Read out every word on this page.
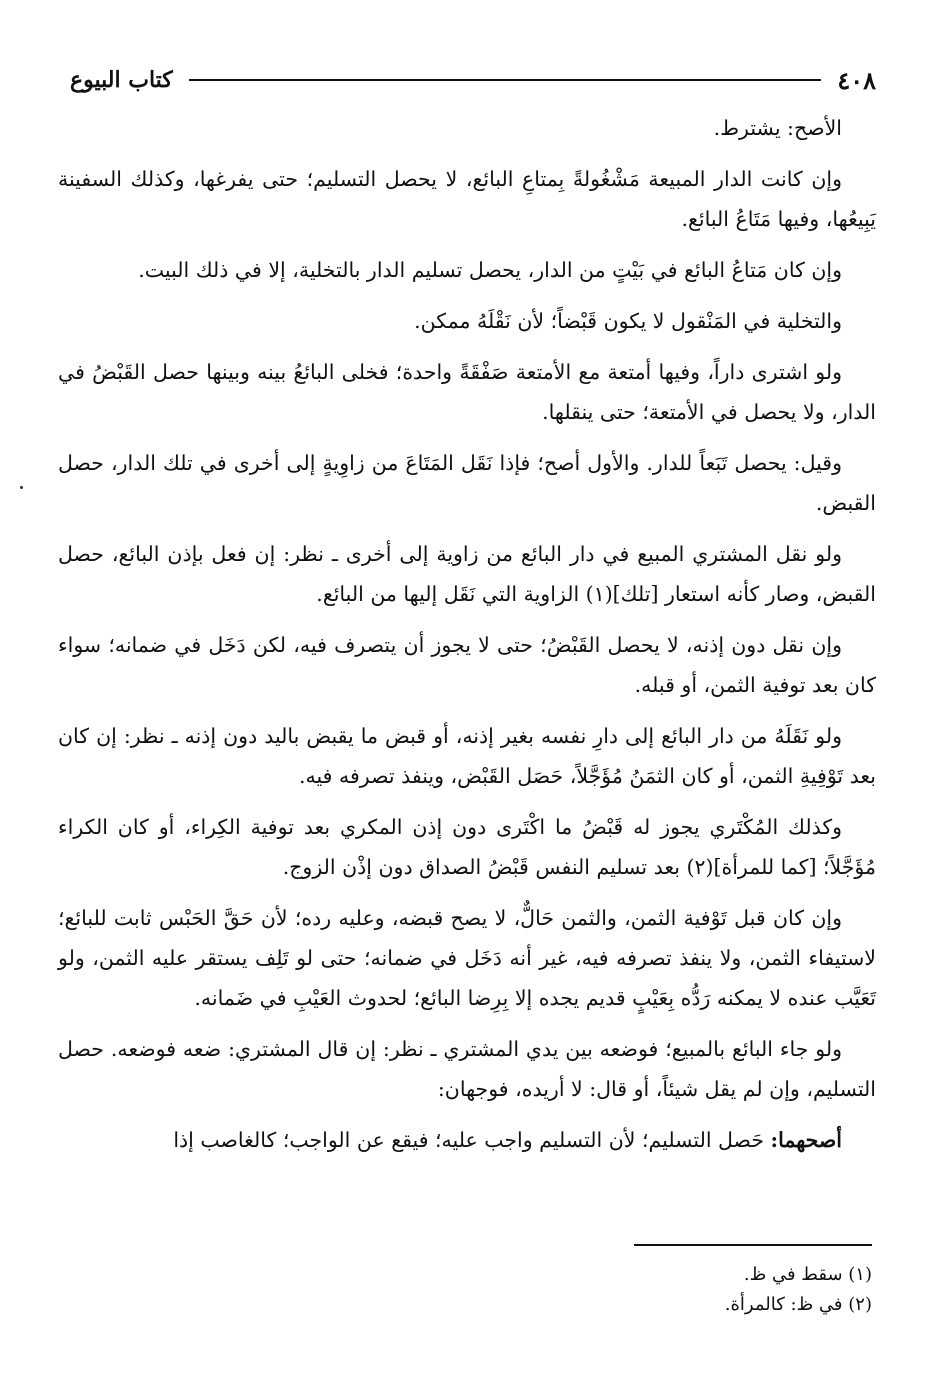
٤٠٨
كتاب البيوع

الأصح: يشترط.

وإن كانت الدار المبيعة مَشْغُولةً بِمتاعِ البائع، لا يحصل التسليم؛ حتى يفرغها، وكذلك السفينة يَبِيعُها، وفيها مَتَاعُ البائع.

وإن كان مَتاعُ البائع في بَيْتٍ من الدار، يحصل تسليم الدار بالتخلية، إلا في ذلك البيت.

والتخلية في المَنْقول لا يكون قَبْضاً؛ لأن نَقْلَهُ ممكن.

ولو اشترى داراً، وفيها أمتعة مع الأمتعة صَفْقَةً واحدة؛ فخلى البائعُ بينه وبينها حصل القَبْضُ في الدار، ولا يحصل في الأمتعة؛ حتى ينقلها.

وقيل: يحصل تَبَعاً للدار. والأول أصح؛ فإذا نَقَل المَتَاعَ من زاوِيةٍ إلى أخرى في تلك الدار، حصل القبض.

ولو نقل المشتري المبيع في دار البائع من زاوية إلى أخرى ـ نظر: إن فعل بإذن البائع، حصل القبض، وصار كأنه استعار [تلك](١) الزاوية التي نَقَل إليها من البائع.

وإن نقل دون إذنه، لا يحصل القَبْضُ؛ حتى لا يجوز أن يتصرف فيه، لكن دَخَل في ضمانه؛ سواء كان بعد توفية الثمن، أو قبله.

ولو نَقَلَهُ من دار البائع إلى دارِ نفسه بغير إذنه، أو قبض ما يقبض باليد دون إذنه ـ نظر: إن كان بعد تَوْفِيةِ الثمن، أو كان الثمَنُ مُؤَجَّلاً، حَصَل القَبْض، وينفذ تصرفه فيه.

وكذلك المُكْتَري يجوز له قَبْضُ ما اكْتَرى دون إذن المكري بعد توفية الكِراء، أو كان الكراء مُؤَجَّلاً؛ [كما للمرأة](٢) بعد تسليم النفس قَبْضُ الصداق دون إذْن الزوج.

وإن كان قبل تَوْفية الثمن، والثمن حَالٌّ، لا يصح قبضه، وعليه رده؛ لأن حَقَّ الحَبْس ثابت للبائع؛ لاستيفاء الثمن، ولا ينفذ تصرفه فيه، غير أنه دَخَل في ضمانه؛ حتى لو تَلِف يستقر عليه الثمن، ولو تَعَيَّب عنده لا يمكنه رَدُّه بِعَيْبٍ قديم يجده إلا بِرِضا البائع؛ لحدوث العَيْبِ في ضَمانه.

ولو جاء البائع بالمبيع؛ فوضعه بين يدي المشتري ـ نظر: إن قال المشتري: ضعه فوضعه. حصل التسليم، وإن لم يقل شيئاً، أو قال: لا أريده، فوجهان:

أصحهما: حَصل التسليم؛ لأن التسليم واجب عليه؛ فيقع عن الواجب؛ كالغاصب إذا

(١) سقط في ظ.

(٢) في ظ: كالمرأة.
